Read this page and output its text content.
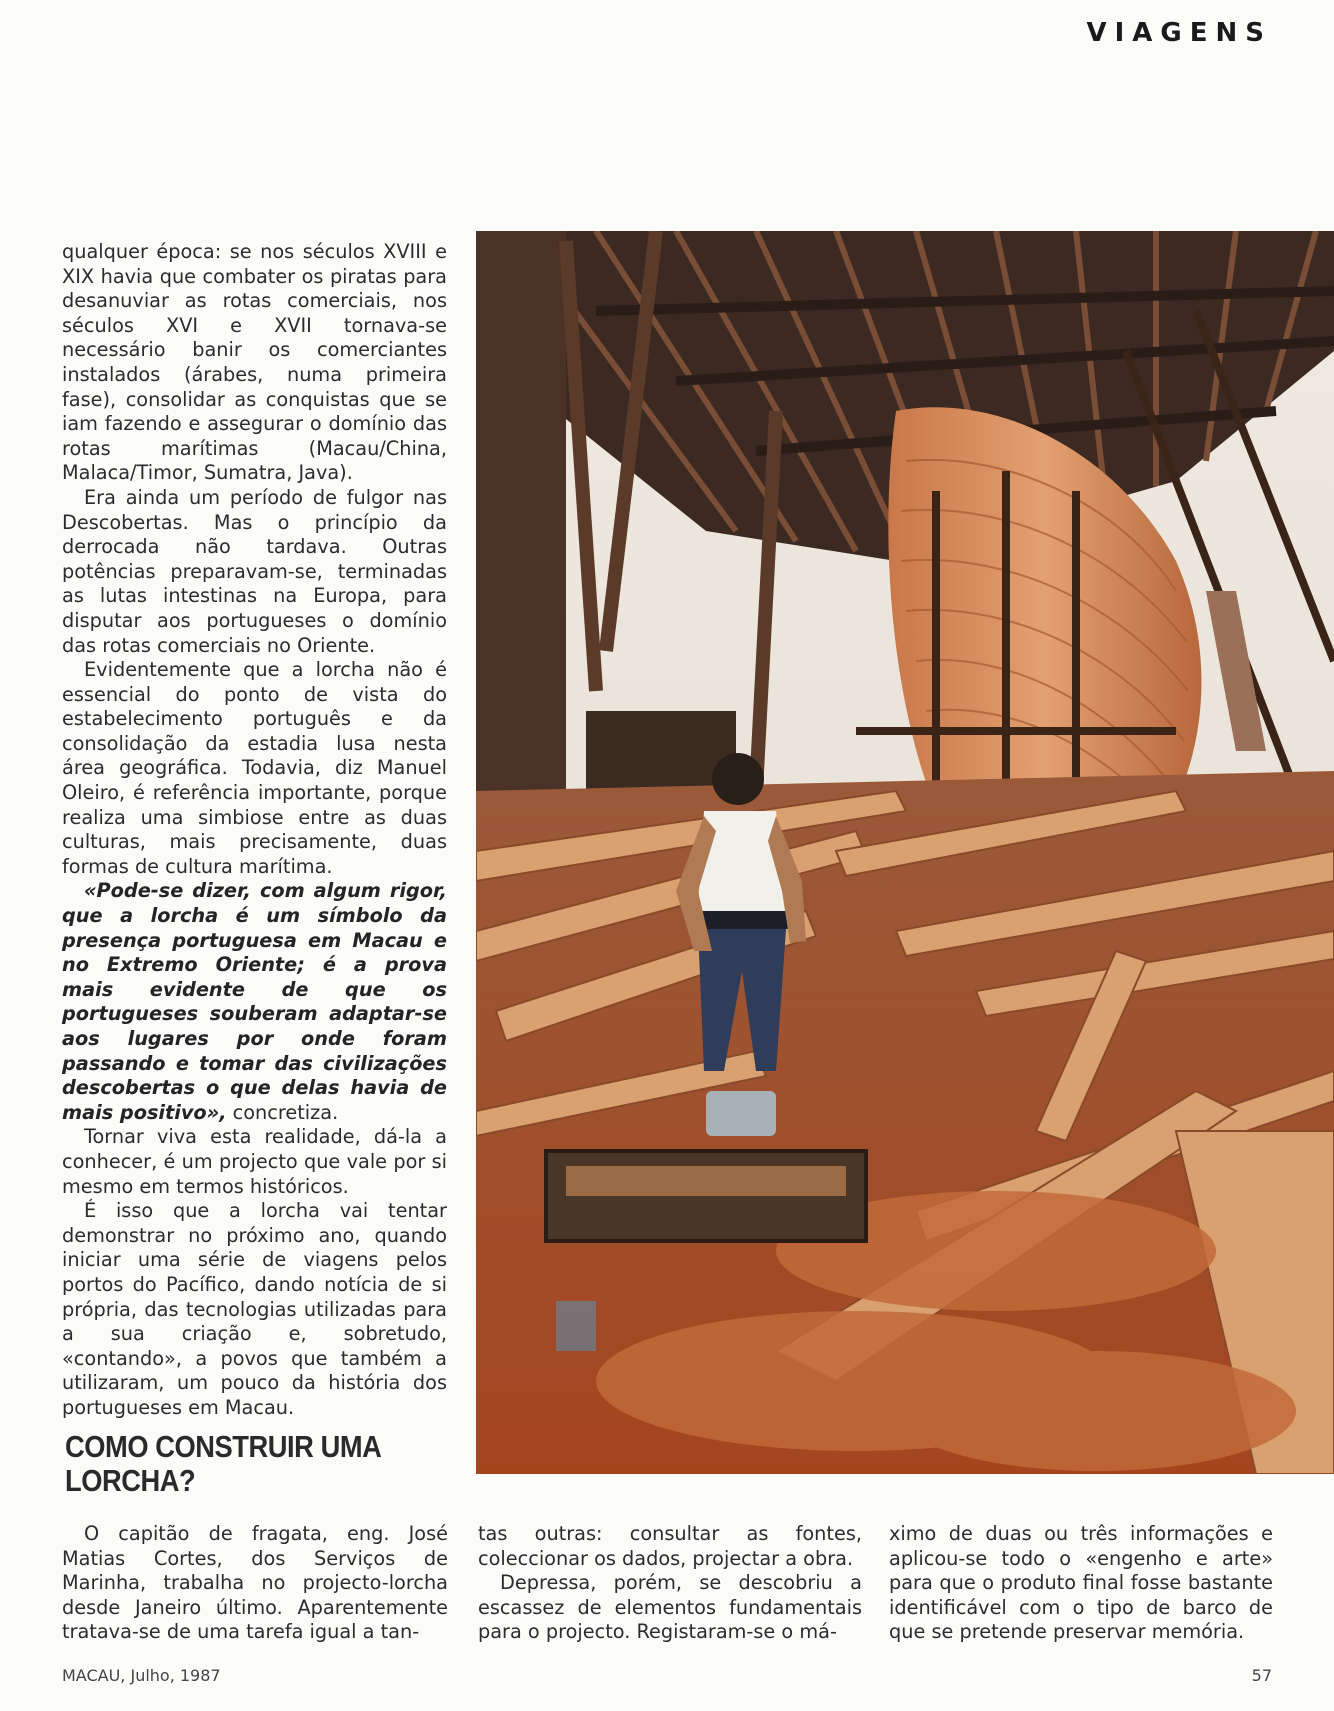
VIAGENS

qualquer época: se nos séculos XVIII e XIX havia que combater os piratas para desanuviar as rotas comerciais, nos séculos XVI e XVII tornava-se necessário banir os comerciantes instalados (árabes, numa primeira fase), consolidar as conquistas que se iam fazendo e assegurar o domínio das rotas marítimas (Macau/China, Malaca/Timor, Sumatra, Java).

Era ainda um período de fulgor nas Descobertas. Mas o princípio da derrocada não tardava. Outras potências preparavam-se, terminadas as lutas intestinas na Europa, para disputar aos portugueses o domínio das rotas comerciais no Oriente.

Evidentemente que a lorcha não é essencial do ponto de vista do estabelecimento português e da consolidação da estadia lusa nesta área geográfica. Todavia, diz Manuel Oleiro, é referência importante, porque realiza uma simbiose entre as duas culturas, mais precisamente, duas formas de cultura marítima.

«Pode-se dizer, com algum rigor, que a lorcha é um símbolo da presença portuguesa em Macau e no Extremo Oriente; é a prova mais evidente de que os portugueses souberam adaptar-se aos lugares por onde foram passando e tomar das civilizações descobertas o que delas havia de mais positivo», concretiza.

Tornar viva esta realidade, dá-la a conhecer, é um projecto que vale por si mesmo em termos históricos.

É isso que a lorcha vai tentar demonstrar no próximo ano, quando iniciar uma série de viagens pelos portos do Pacífico, dando notícia de si própria, das tecnologias utilizadas para a sua criação e, sobretudo, «contando», a povos que também a utilizaram, um pouco da história dos portugueses em Macau.

COMO CONSTRUIR UMA
LORCHA?

O capitão de fragata, eng. José Matias Cortes, dos Serviços de Marinha, trabalha no projecto-lorcha desde Janeiro último. Aparentemente tratava-se de uma tarefa igual a tan-

tas outras: consultar as fontes, coleccionar os dados, projectar a obra.

Depressa, porém, se descobriu a escassez de elementos fundamentais para o projecto. Registaram-se o má-

ximo de duas ou três informações e aplicou-se todo o «engenho e arte» para que o produto final fosse bastante identificável com o tipo de barco de que se pretende preservar memória.

MACAU, Julho, 1987	57
